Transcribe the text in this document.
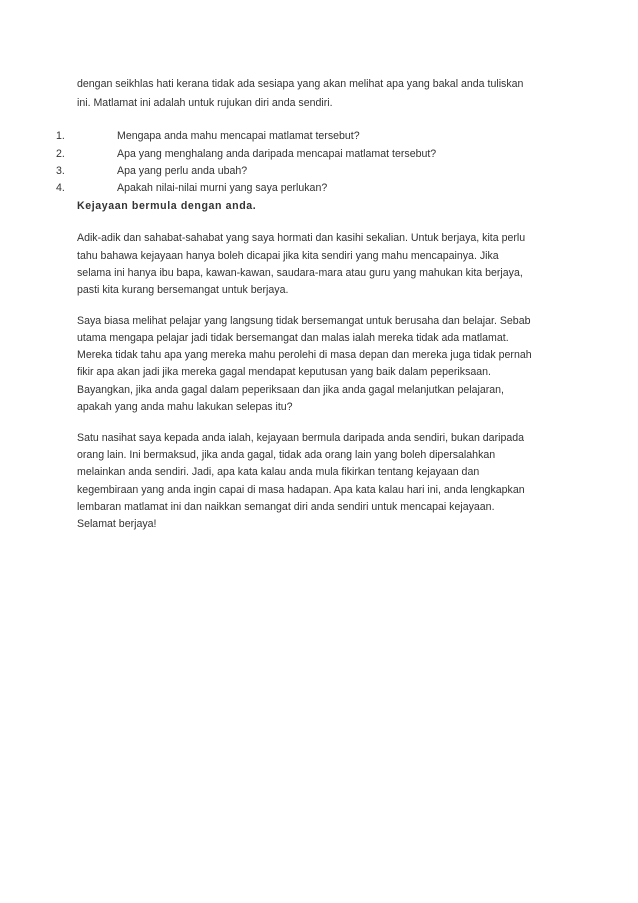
dengan seikhlas hati kerana tidak ada sesiapa yang akan melihat apa yang bakal anda tuliskan
ini. Matlamat ini adalah untuk rujukan diri anda sendiri.
1.	Mengapa anda mahu mencapai matlamat tersebut?
2.	Apa yang menghalang anda daripada mencapai matlamat tersebut?
3.	Apa yang perlu anda ubah?
4.	Apakah nilai-nilai murni yang saya perlukan?
Kejayaan bermula dengan anda.
Adik-adik dan sahabat-sahabat yang saya hormati dan kasihi sekalian. Untuk berjaya, kita perlu
tahu bahawa kejayaan hanya boleh dicapai jika kita sendiri yang mahu mencapainya. Jika
selama ini hanya ibu bapa, kawan-kawan, saudara-mara atau guru yang mahukan kita berjaya,
pasti kita kurang bersemangat untuk berjaya.
Saya biasa melihat pelajar yang langsung tidak bersemangat untuk berusaha dan belajar. Sebab
utama mengapa pelajar jadi tidak bersemangat dan malas ialah mereka tidak ada matlamat.
Mereka tidak tahu apa yang mereka mahu perolehi di masa depan dan mereka juga tidak pernah
fikir apa akan jadi jika mereka gagal mendapat keputusan yang baik dalam peperiksaan.
Bayangkan, jika anda gagal dalam peperiksaan dan jika anda gagal melanjutkan pelajaran,
apakah yang anda mahu lakukan selepas itu?
Satu nasihat saya kepada anda ialah, kejayaan bermula daripada anda sendiri, bukan daripada
orang lain. Ini bermaksud, jika anda gagal, tidak ada orang lain yang boleh dipersalahkan
melainkan anda sendiri. Jadi, apa kata kalau anda mula fikirkan tentang kejayaan dan
kegembiraan yang anda ingin capai di masa hadapan. Apa kata kalau hari ini, anda lengkapkan
lembaran matlamat ini dan naikkan semangat diri anda sendiri untuk mencapai kejayaan.
Selamat berjaya!
